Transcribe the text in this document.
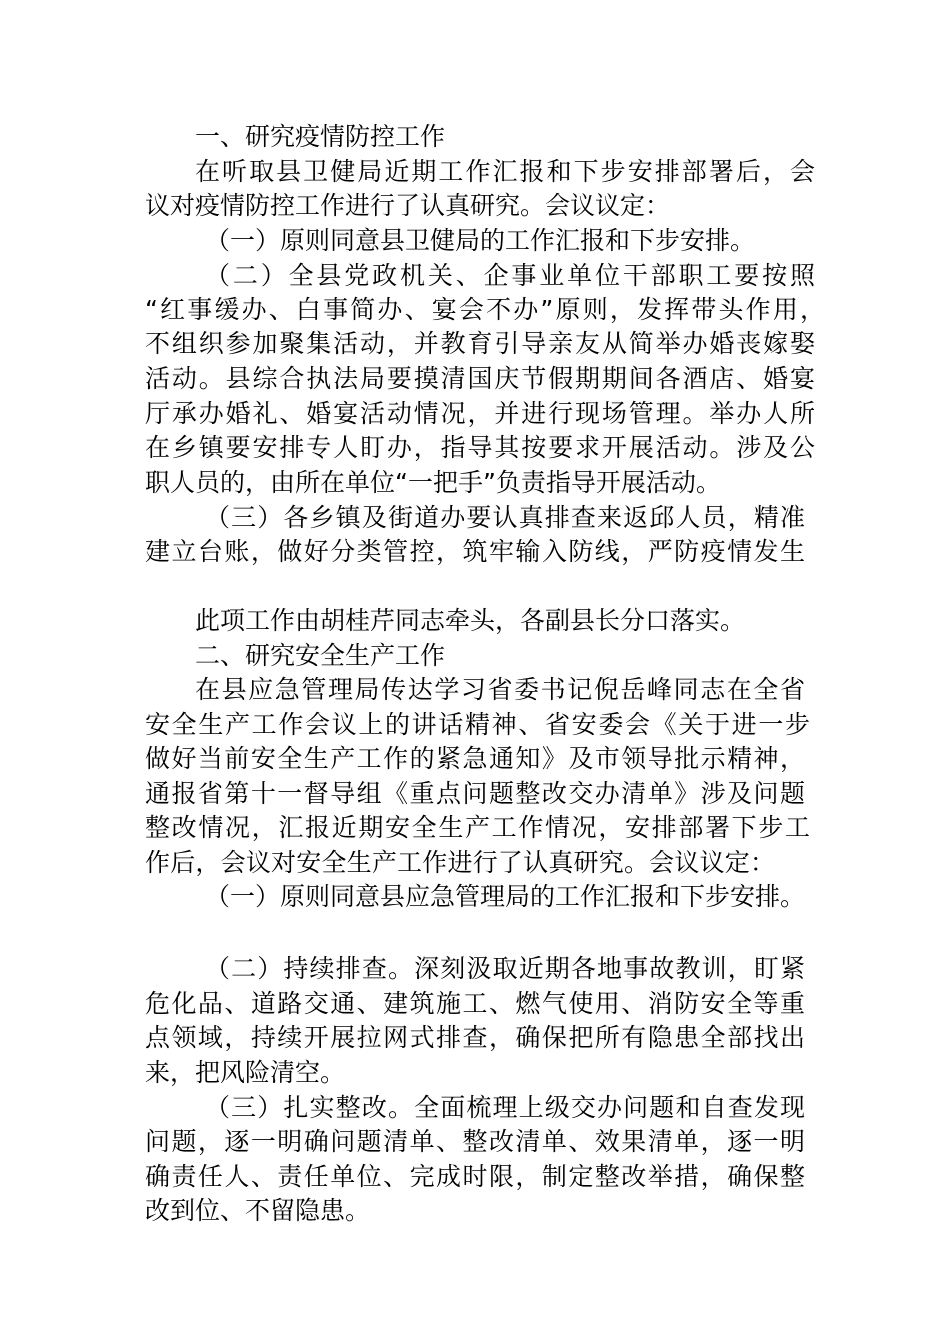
一、研究疫情防控工作
在听取县卫健局近期工作汇报和下步安排部署后，会
议对疫情防控工作进行了认真研究。会议议定：
（一）原则同意县卫健局的工作汇报和下步安排。
（二）全县党政机关、企事业单位干部职工要按照
“红事缓办、白事简办、宴会不办”原则，发挥带头作用，
不组织参加聚集活动，并教育引导亲友从简举办婚丧嫁娶
活动。县综合执法局要摸清国庆节假期期间各酒店、婚宴
厅承办婚礼、婚宴活动情况，并进行现场管理。举办人所
在乡镇要安排专人盯办，指导其按要求开展活动。涉及公
职人员的，由所在单位“一把手”负责指导开展活动。
（三）各乡镇及街道办要认真排查来返邱人员，精准
建立台账，做好分类管控，筑牢输入防线，严防疫情发生
此项工作由胡桂芹同志牵头，各副县长分口落实。
二、研究安全生产工作
在县应急管理局传达学习省委书记倪岳峰同志在全省
安全生产工作会议上的讲话精神、省安委会《关于进一步
做好当前安全生产工作的紧急通知》及市领导批示精神，
通报省第十一督导组《重点问题整改交办清单》涉及问题
整改情况，汇报近期安全生产工作情况，安排部署下步工
作后，会议对安全生产工作进行了认真研究。会议议定：
（一）原则同意县应急管理局的工作汇报和下步安排。
（二）持续排查。深刻汲取近期各地事故教训，盯紧
危化品、道路交通、建筑施工、燃气使用、消防安全等重
点领域，持续开展拉网式排查，确保把所有隐患全部找出
来，把风险清空。
（三）扎实整改。全面梳理上级交办问题和自查发现
问题，逐一明确问题清单、整改清单、效果清单，逐一明
确责任人、责任单位、完成时限，制定整改举措，确保整
改到位、不留隐患。
